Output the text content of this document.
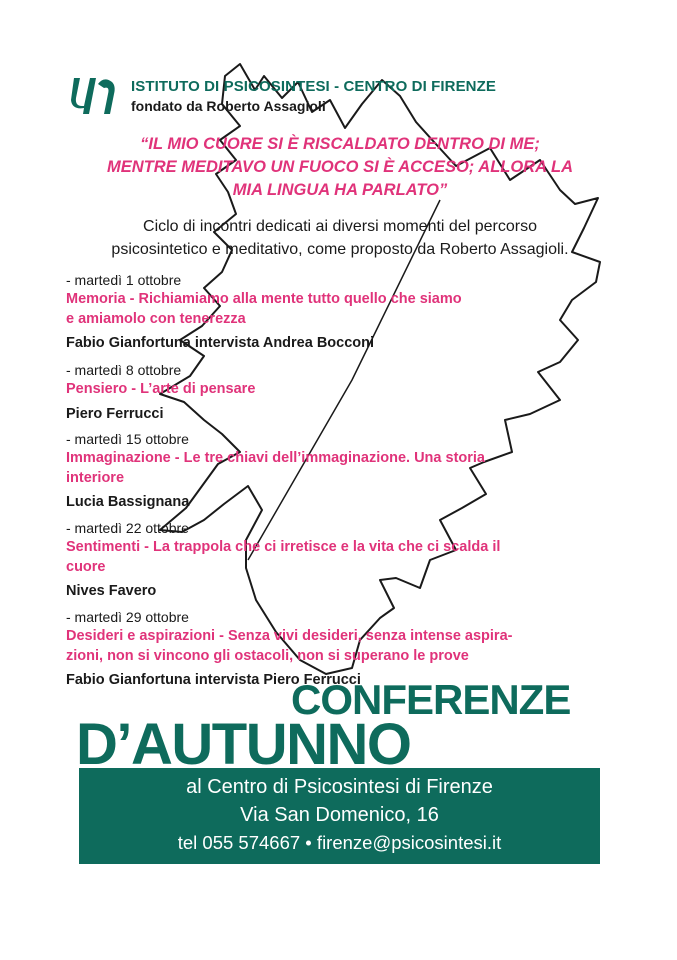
ISTITUTO DI PSICOSINTESI - CENTRO DI FIRENZE
fondato da Roberto Assagioli
“IL MIO CUORE SI È RISCALDATO DENTRO DI ME;
MENTRE MEDITAVO UN FUOCO SI È ACCESO; ALLORA LA
MIA LINGUA HA PARLATO”
Ciclo di incontri dedicati ai diversi momenti del percorso
psicosintetico e meditativo, come proposto da Roberto Assagioli.
- martedì 1 ottobre
Memoria - Richiamiamo alla mente tutto quello che siamo
e amiamolo con tenerezza
Fabio Gianfortuna intervista Andrea Bocconi
- martedì 8 ottobre
Pensiero - L’arte di pensare
Piero Ferrucci
- martedì 15 ottobre
Immaginazione - Le tre chiavi dell’immaginazione. Una storia
interiore
Lucia Bassignana
- martedì 22 ottobre
Sentimenti - La trappola che ci irretisce e la vita che ci scalda il
cuore
Nives Favero
- martedì 29 ottobre
Desideri e aspirazioni - Senza vivi desideri, senza intense aspira-
zioni, non si vincono gli ostacoli, non si superano le prove
Fabio Gianfortuna intervista Piero Ferrucci
CONFERENZE
al Centro di Psicosintesi di Firenze
Via San Domenico, 16
tel 055 574667 • firenze@psicosintesi.it
D’AUTUNNO
